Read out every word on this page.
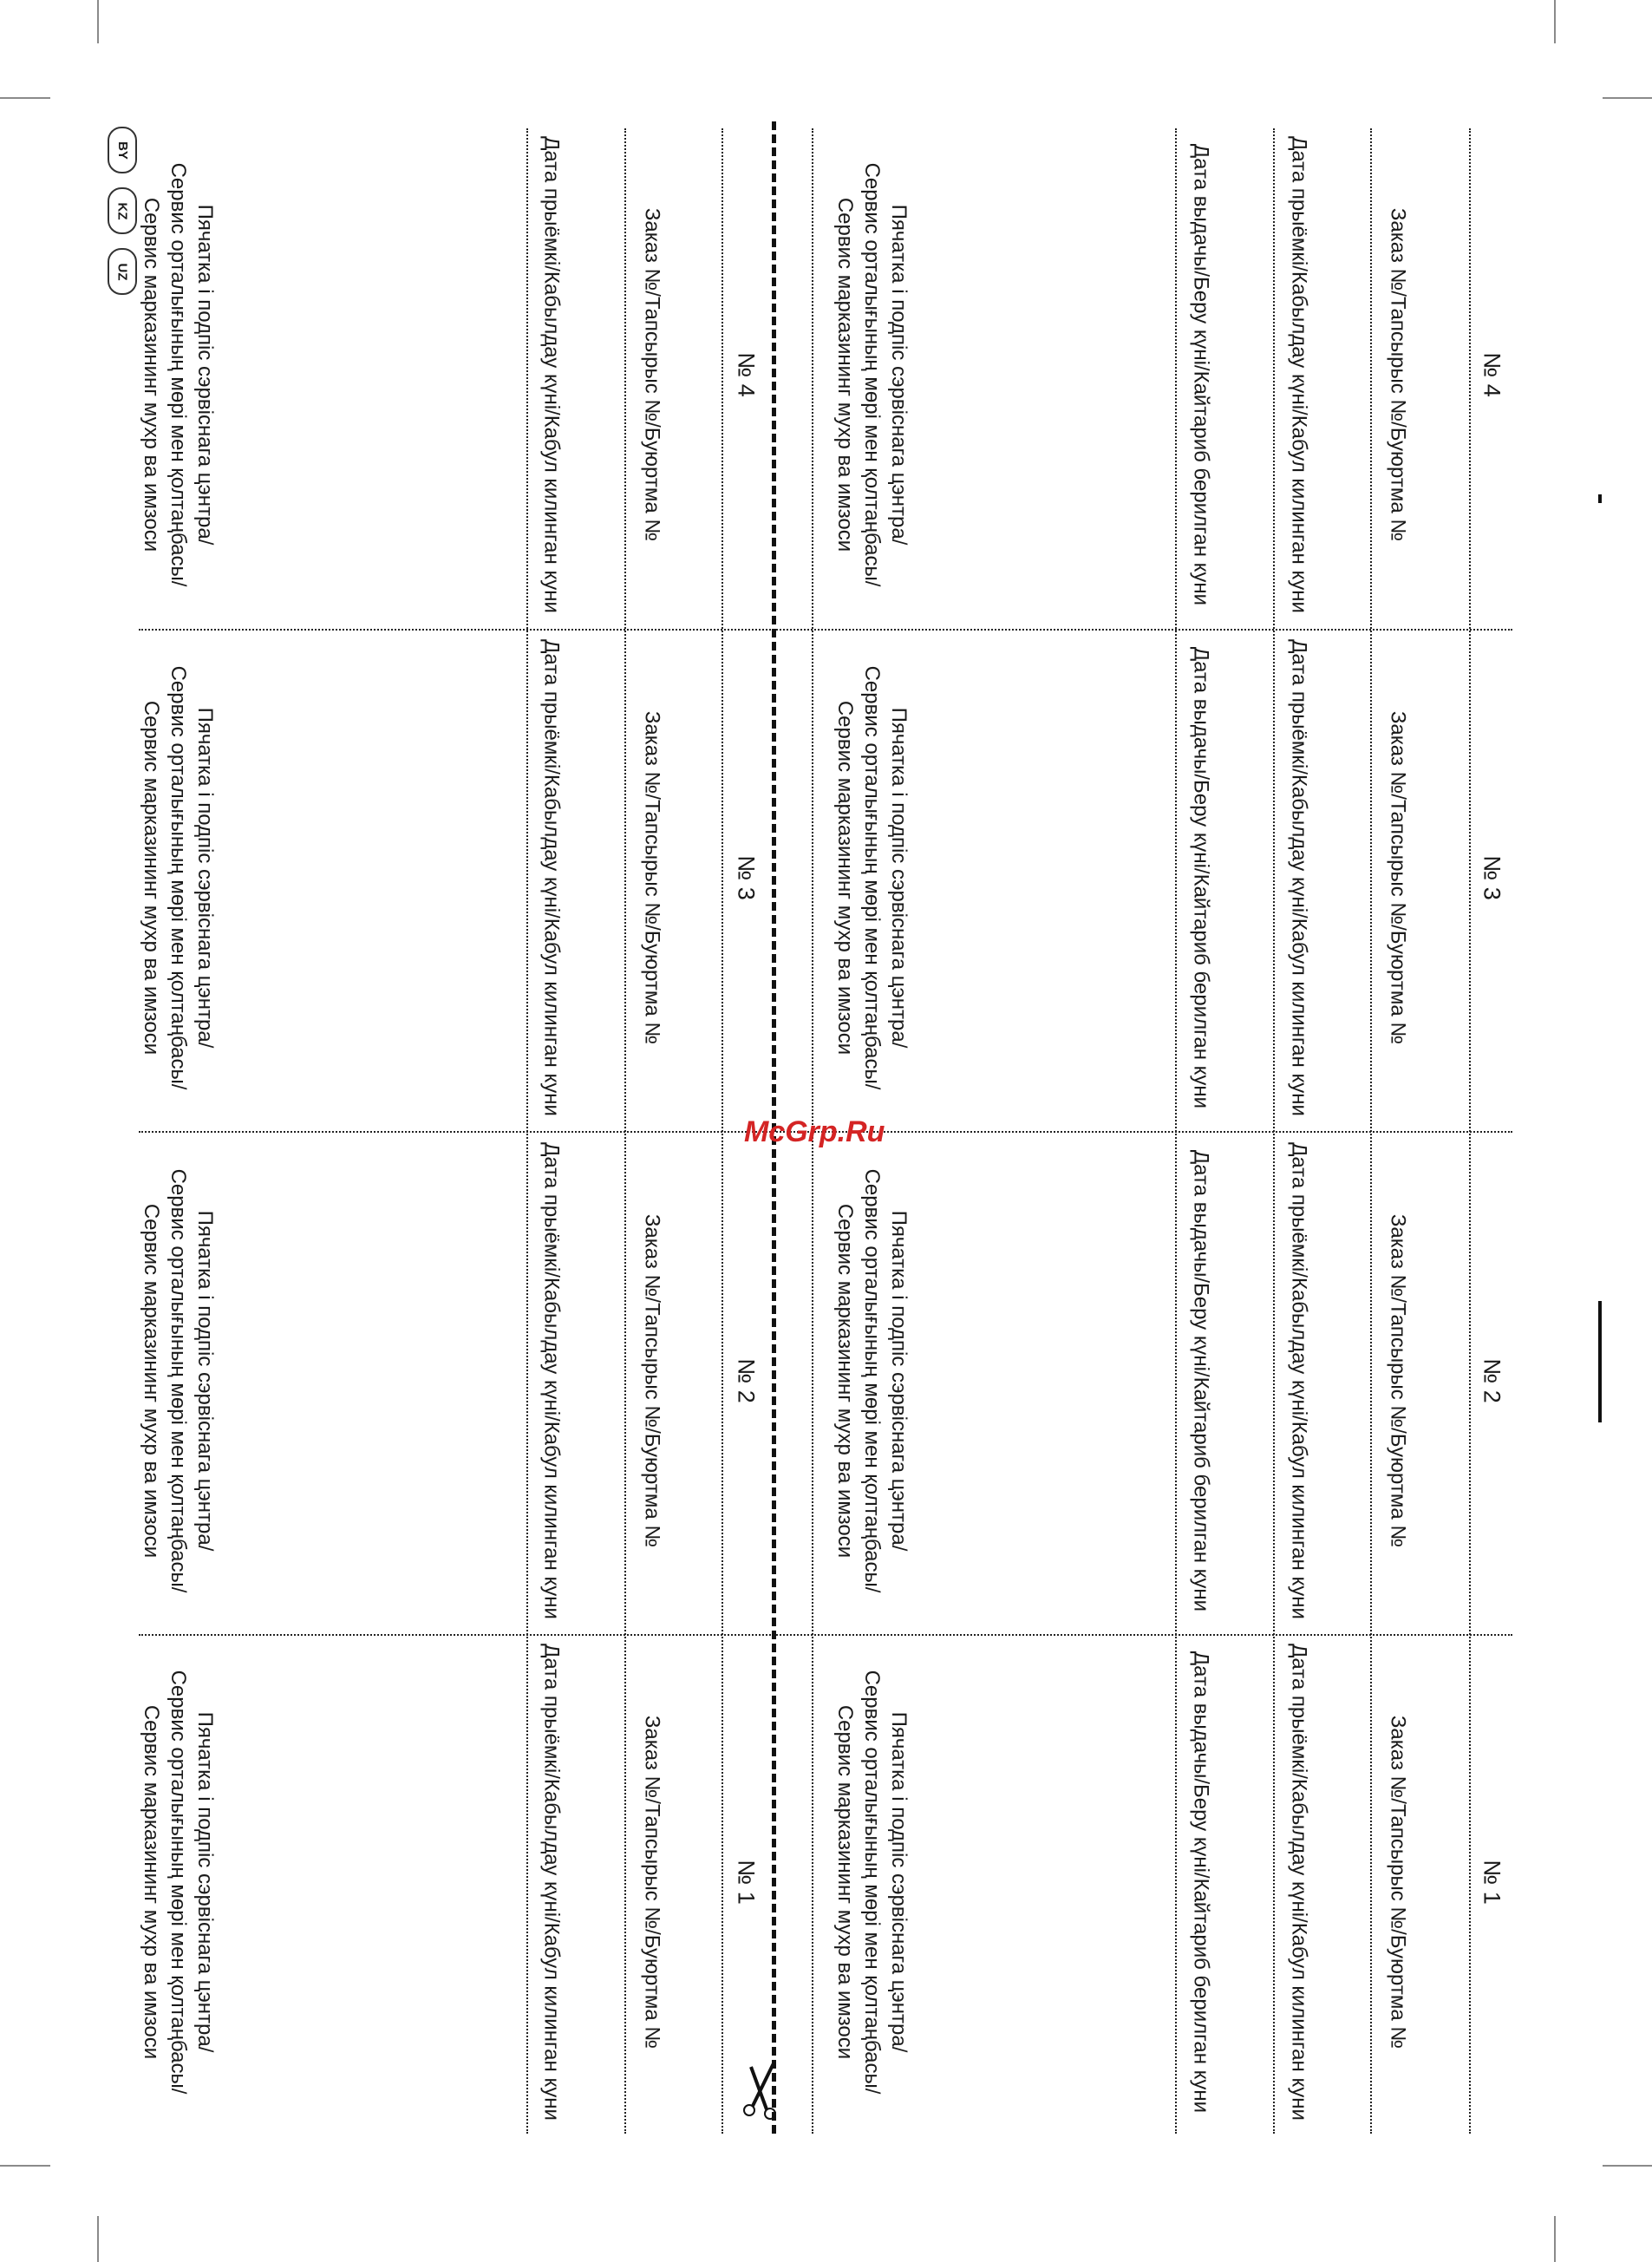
№ 4
Заказ №/Тапсырыс №/Буюртма №
Дата прыёмкі/Кабылдау күні/Кабул килинган куни
Дата выдачы/Беру күні/Кайтариб берилган куни
Пячатка і подпіс сэрвіснага цэнтра/
Сервис орталығының мөрі мен қолтаңбасы/
Сервис марказининг мухр ва имзоси
№ 3
Заказ №/Тапсырыс №/Буюртма №
Дата прыёмкі/Кабылдау күні/Кабул килинган куни
Дата выдачы/Беру күні/Кайтариб берилган куни
Пячатка і подпіс сэрвіснага цэнтра/
Сервис орталығының мөрі мен қолтаңбасы/
Сервис марказининг мухр ва имзоси
№ 2
Заказ №/Тапсырыс №/Буюртма №
Дата прыёмкі/Кабылдау күні/Кабул килинган куни
Дата выдачы/Беру күні/Кайтариб берилган куни
Пячатка і подпіс сэрвіснага цэнтра/
Сервис орталығының мөрі мен қолтаңбасы/
Сервис марказининг мухр ва имзоси
№ 1
Заказ №/Тапсырыс №/Буюртма №
Дата прыёмкі/Кабылдау күні/Кабул килинган куни
Дата выдачы/Беру күні/Кайтариб берилган куни
Пячатка і подпіс сэрвіснага цэнтра/
Сервис орталығының мөрі мен қолтаңбасы/
Сервис марказининг мухр ва имзоси
№ 4
Заказ №/Тапсырыс №/Буюртма №
Дата прыёмкі/Кабылдау күні/Кабул килинган куни
Пячатка і подпіс сэрвіснага цэнтра/
Сервис орталығының мөрі мен қолтаңбасы/
Сервис марказининг мухр ва имзоси
№ 3
Заказ №/Тапсырыс №/Буюртма №
Дата прыёмкі/Кабылдау күні/Кабул килинган куни
Пячатка і подпіс сэрвіснага цэнтра/
Сервис орталығының мөрі мен қолтаңбасы/
Сервис марказининг мухр ва имзоси
№ 2
Заказ №/Тапсырыс №/Буюртма №
Дата прыёмкі/Кабылдау күні/Кабул килинган куни
Пячатка і подпіс сэрвіснага цэнтра/
Сервис орталығының мөрі мен қолтаңбасы/
Сервис марказининг мухр ва имзоси
№ 1
Заказ №/Тапсырыс №/Буюртма №
Дата прыёмкі/Кабылдау күні/Кабул килинган куни
Пячатка і подпіс сэрвіснага цэнтра/
Сервис орталығының мөрі мен қолтаңбасы/
Сервис марказининг мухр ва имзоси
BY
KZ
UZ
McGrp.Ru
